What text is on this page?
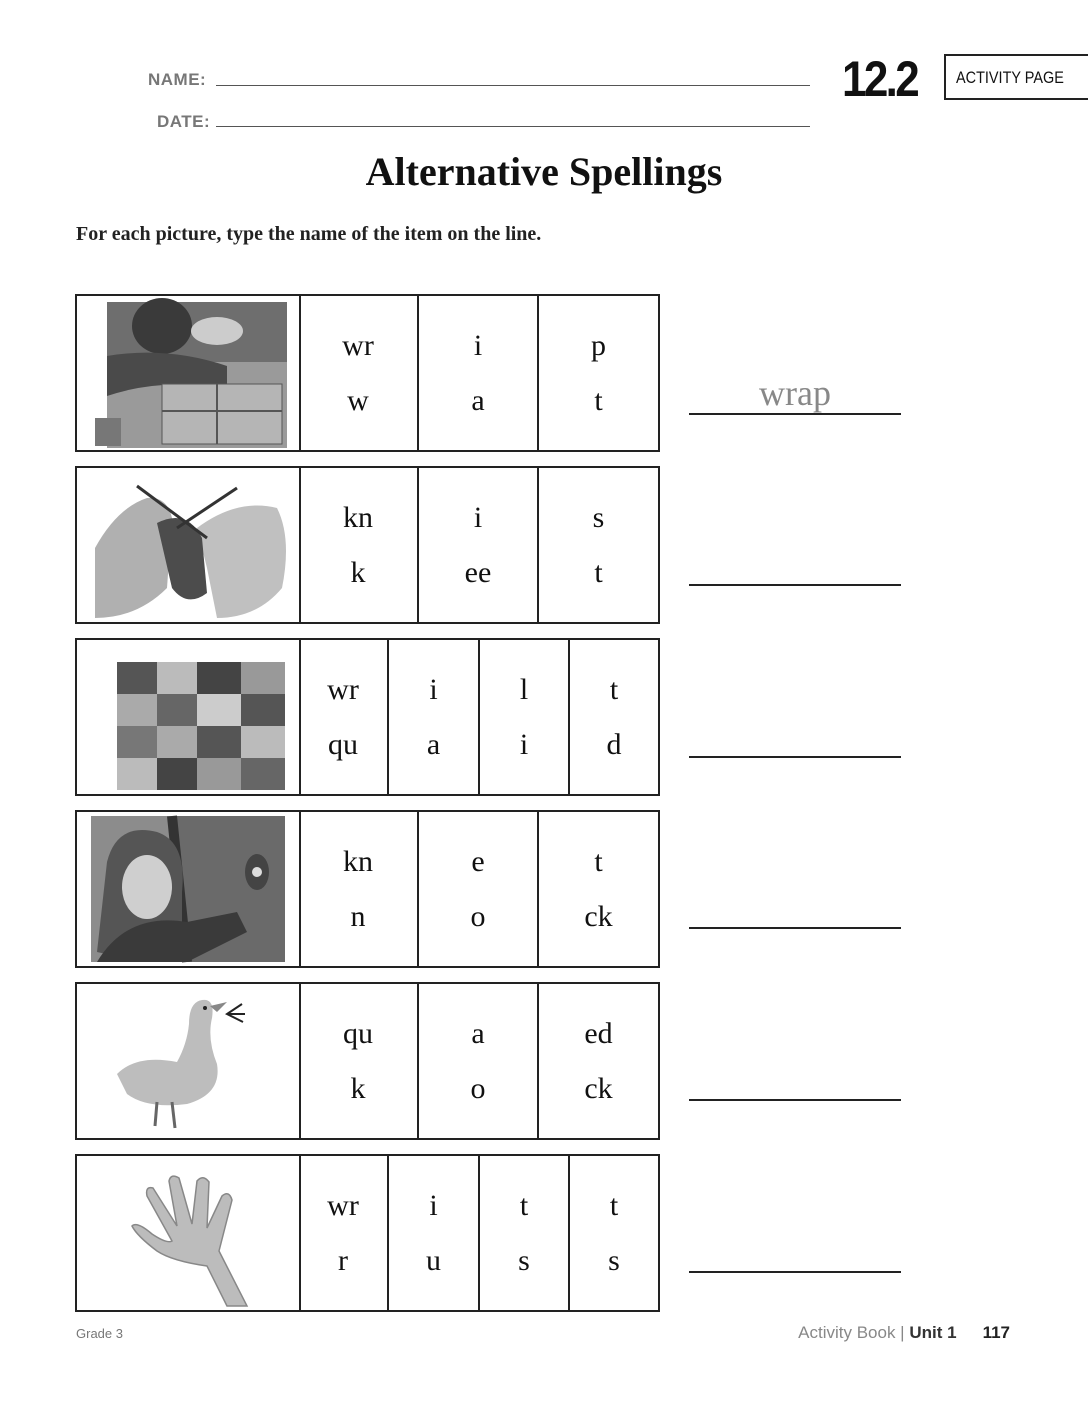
NAME:
DATE:
12.2 ACTIVITY PAGE
Alternative Spellings
For each picture, type the name of the item on the line.
wr
w
i
a
p
t	wrap
kn
k
i
ee
s
t
wr
qu
i
a
l
i
t
d
kn
n
e
o
t
ck
qu
k
a
o
ed
ck
wr
r
i
u
t
s
t
s
Grade 3	Activity Book | Unit 1 117
